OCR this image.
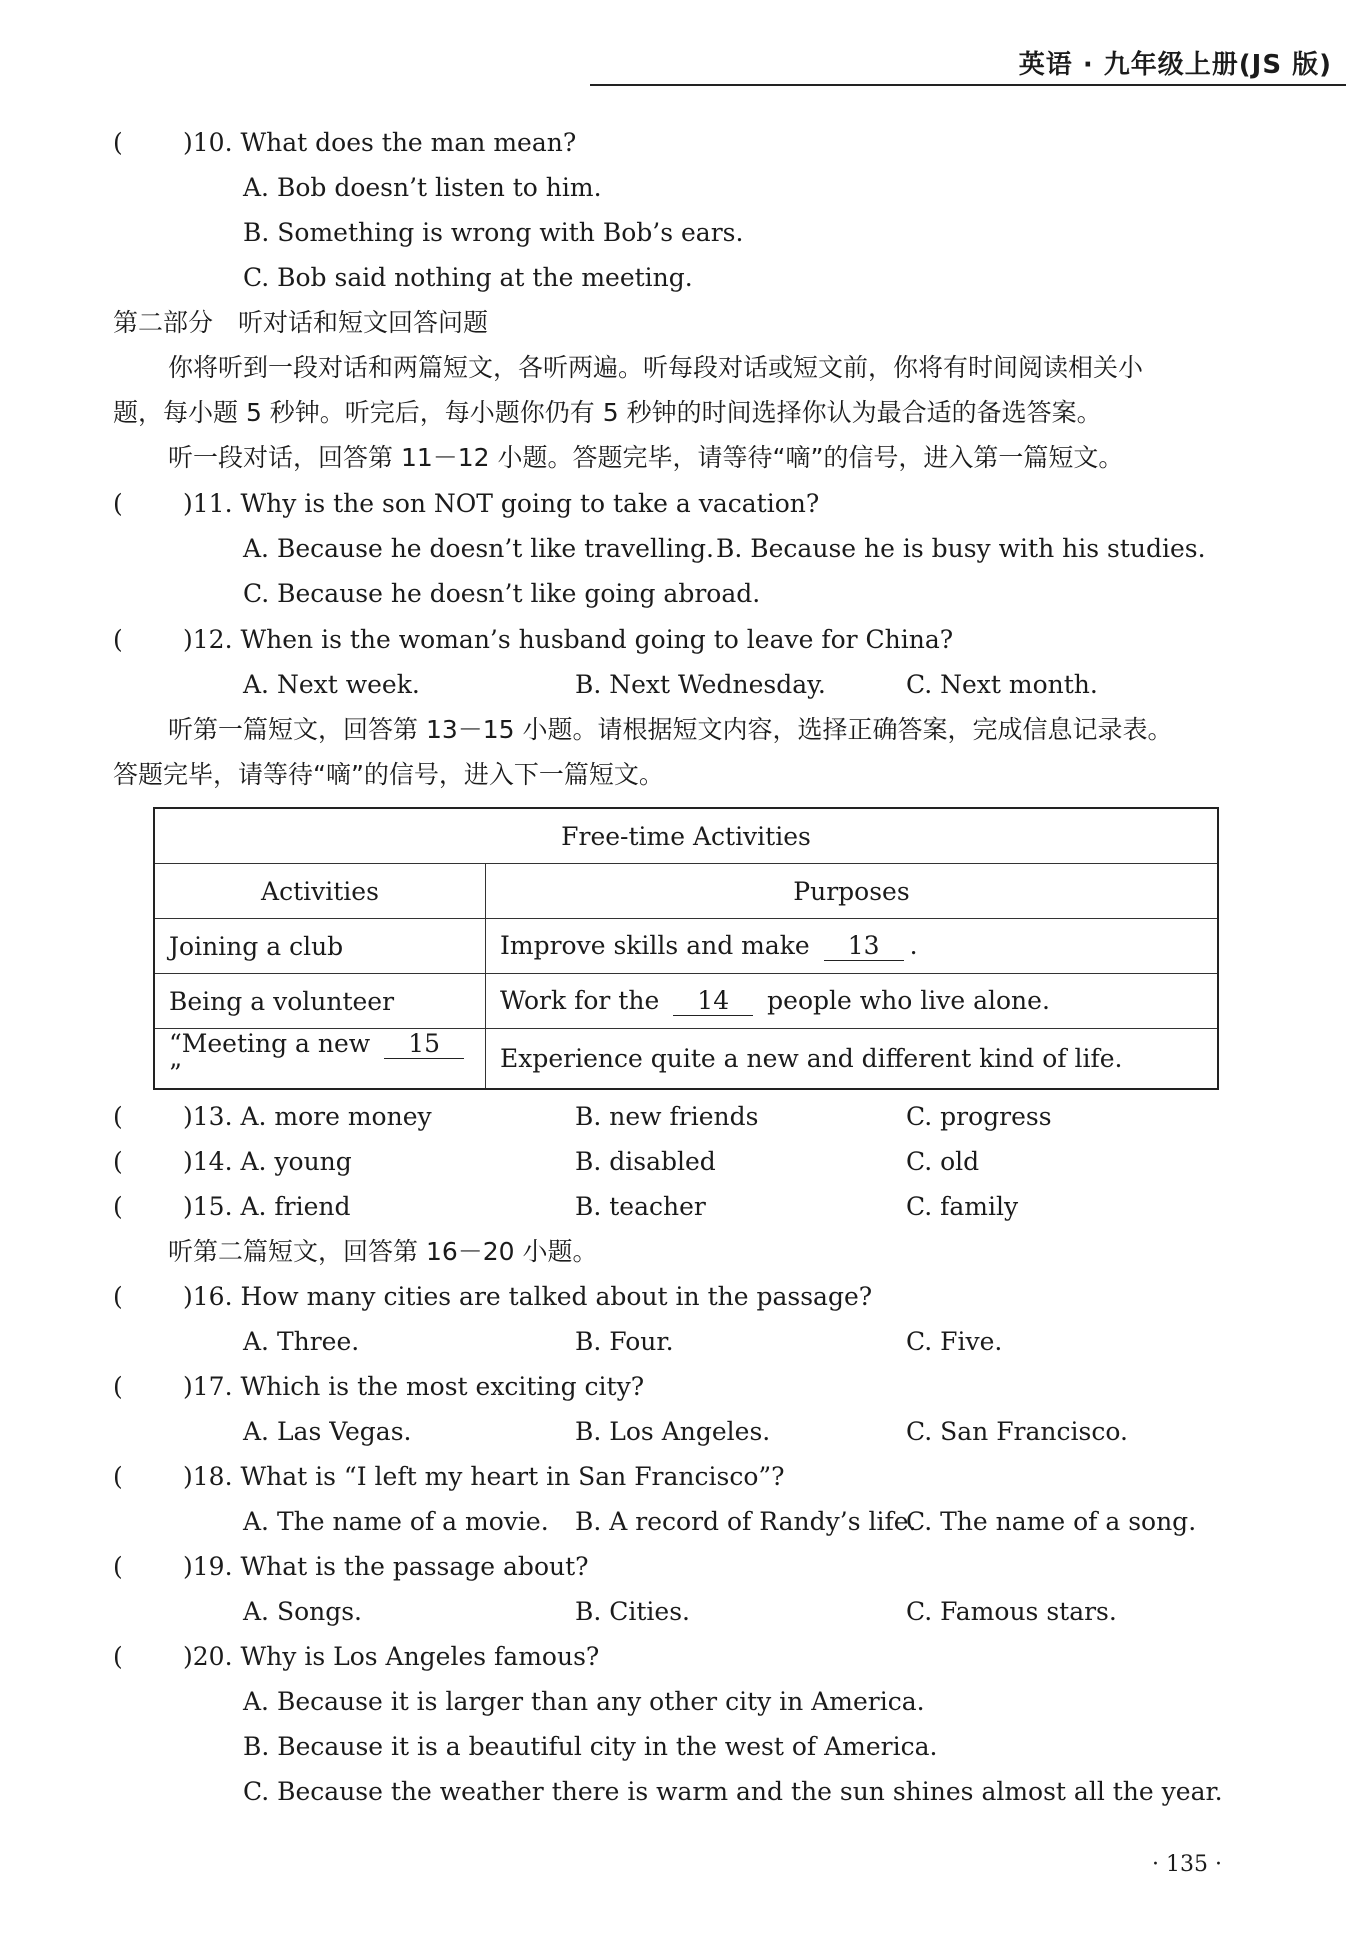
英语 · 九年级上册(JS 版)
( )10. What does the man mean?
A. Bob doesn’t listen to him.
B. Something is wrong with Bob’s ears.
C. Bob said nothing at the meeting.
第二部分　听对话和短文回答问题
你将听到一段对话和两篇短文，各听两遍。听每段对话或短文前，你将有时间阅读相关小
题，每小题 5 秒钟。听完后，每小题你仍有 5 秒钟的时间选择你认为最合适的备选答案。
听一段对话，回答第 11－12 小题。答题完毕，请等待“嘀”的信号，进入第一篇短文。
( )11. Why is the son NOT going to take a vacation?
A. Because he doesn’t like travelling. B. Because he is busy with his studies.
C. Because he doesn’t like going abroad.
( )12. When is the woman’s husband going to leave for China?
A. Next week.	B. Next Wednesday.	C. Next month.
听第一篇短文，回答第 13－15 小题。请根据短文内容，选择正确答案，完成信息记录表。
答题完毕，请等待“嘀”的信号，进入下一篇短文。
Free-time Activities	
Activities	Purposes
Joining a club	Improve skills and make 13 .
Being a volunteer	Work for the 14 people who live alone.
“Meeting a new 15”	Experience quite a new and different kind of life.
( )13. A. more money	B. new friends	C. progress
( )14. A. young	B. disabled	C. old
( )15. A. friend	B. teacher	C. family
听第二篇短文，回答第 16－20 小题。
( )16. How many cities are talked about in the passage?
A. Three.	B. Four.	C. Five.
( )17. Which is the most exciting city?
A. Las Vegas.	B. Los Angeles.	C. San Francisco.
( )18. What is “I left my heart in San Francisco”?
A. The name of a movie. B. A record of Randy’s life.
C. The name of a song.
( )19. What is the passage about?
A. Songs.	B. Cities.	C. Famous stars.
( )20. Why is Los Angeles famous?
A. Because it is larger than any other city in America.
B. Because it is a beautiful city in the west of America.
C. Because the weather there is warm and the sun shines almost all the year.
· 135 ·
